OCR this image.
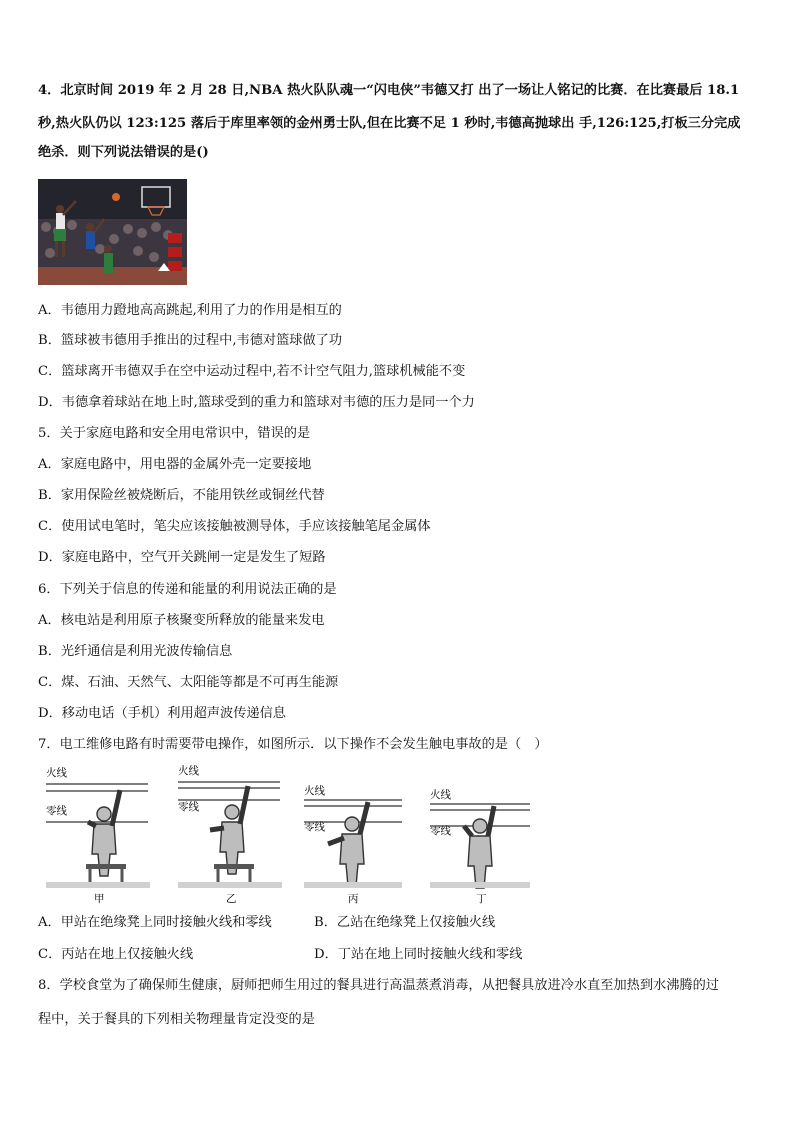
4．北京时间 2019 年 2 月 28 日,NBA 热火队队魂一“闪电侠”韦德又打 出了一场让人铭记的比赛．在比赛最后 18.1
秒,热火队仍以 123:125 落后于库里率领的金州勇士队,但在比赛不足 1 秒时,韦德高抛球出 手,126:125,打板三分完成
绝杀．则下列说法错误的是()
A．韦德用力蹬地高高跳起,利用了力的作用是相互的
B．篮球被韦德用手推出的过程中,韦德对篮球做了功
C．篮球离开韦德双手在空中运动过程中,若不计空气阻力,篮球机械能不变
D．韦德拿着球站在地上时,篮球受到的重力和篮球对韦德的压力是同一个力
5．关于家庭电路和安全用电常识中，错误的是
A．家庭电路中，用电器的金属外壳一定要接地
B．家用保险丝被烧断后，不能用铁丝或铜丝代替
C．使用试电笔时，笔尖应该接触被测导体，手应该接触笔尾金属体
D．家庭电路中，空气开关跳闸一定是发生了短路
6．下列关于信息的传递和能量的利用说法正确的是
A．核电站是利用原子核聚变所释放的能量来发电
B．光纤通信是利用光波传输信息
C．煤、石油、天然气、太阳能等都是不可再生能源
D．移动电话（手机）利用超声波传递信息
7．电工维修电路有时需要带电操作，如图所示．以下操作不会发生触电事故的是（　）
火线
零线
甲
火线
零线
乙
火线
零线
丙
火线
零线
丁
A．甲站在绝缘凳上同时接触火线和零线	B．乙站在绝缘凳上仅接触火线
C．丙站在地上仅接触火线	D．丁站在地上同时接触火线和零线
8．学校食堂为了确保师生健康，厨师把师生用过的餐具进行高温蒸煮消毒，从把餐具放进冷水直至加热到水沸腾的过
程中，关于餐具的下列相关物理量肯定没变的是
